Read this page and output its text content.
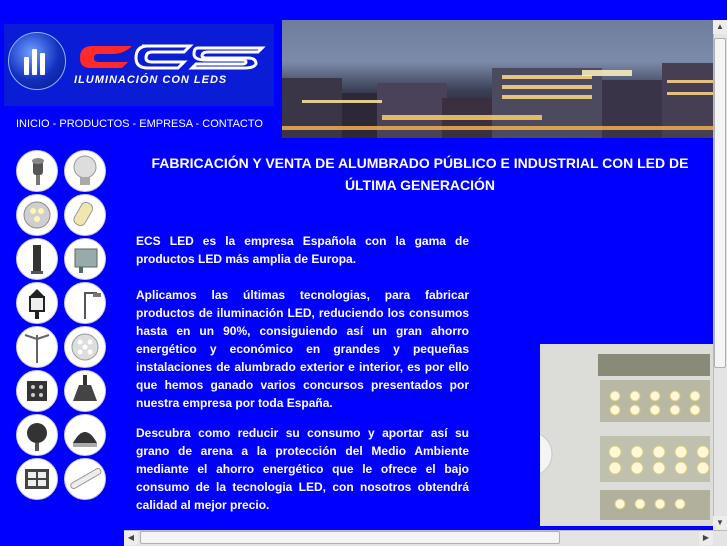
ECS
ILUMINACIÓN CON LEDS
INICIO - PRODUCTOS - EMPRESA - CONTACTO
FABRICACIÓN Y VENTA DE ALUMBRADO PÚBLICO E INDUSTRIAL CON LED DE ÚLTIMA GENERACIÓN

ECS LED es la empresa Española con la gama de productos LED más amplia de Europa.

Aplicamos las últimas tecnologias, para fabricar productos de iluminación LED, reduciendo los consumos hasta en un 90%, consiguiendo así un gran ahorro energético y económico en grandes y pequeñas instalaciones de alumbrado exterior e interior, es por ello que hemos ganado varios concursos presentados por nuestra empresa por toda España.

Descubra como reducir su consumo y aportar así su grano de arena a la protección del Medio Ambiente mediante el ahorro energético que le ofrece el bajo consumo de la tecnologia LED, con nosotros obtendrá calidad al mejor precio.

▲
▼
◀	▶
